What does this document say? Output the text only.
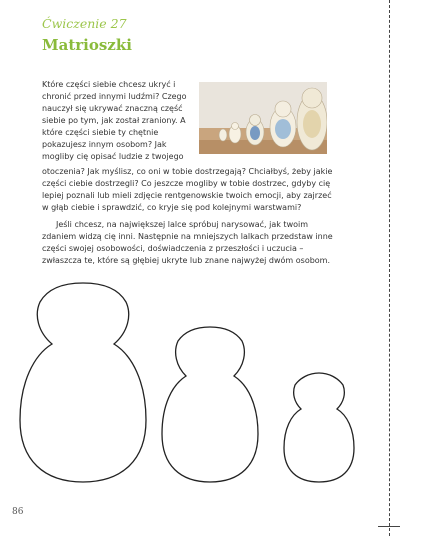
Ćwiczenie 27
Matrioszki

Które części siebie chcesz ukryć i chronić przed innymi ludźmi? Czego nauczył się ukrywać znaczną część siebie po tym, jak został zraniony. A które części siebie ty chętnie pokazujesz innym osobom? Jak mogliby cię opisać ludzie z twojego

otoczenia? Jak myślisz, co oni w tobie dostrzegają? Chciałbyś, żeby jakie części ciebie dostrzegli? Co jeszcze mogliby w tobie dostrzec, gdyby cię lepiej poznali lub mieli zdjęcie rentgenowskie twoich emocji, aby zajrzeć w głąb ciebie i sprawdzić, co kryje się pod kolejnymi warstwami?

Jeśli chcesz, na największej lalce spróbuj narysować, jak twoim zdaniem widzą cię inni. Następnie na mniejszych lalkach przedstaw inne części swojej osobowości, doświadczenia z przeszłości i uczucia – zwłaszcza te, które są głębiej ukryte lub znane najwyżej dwóm osobom.

86
